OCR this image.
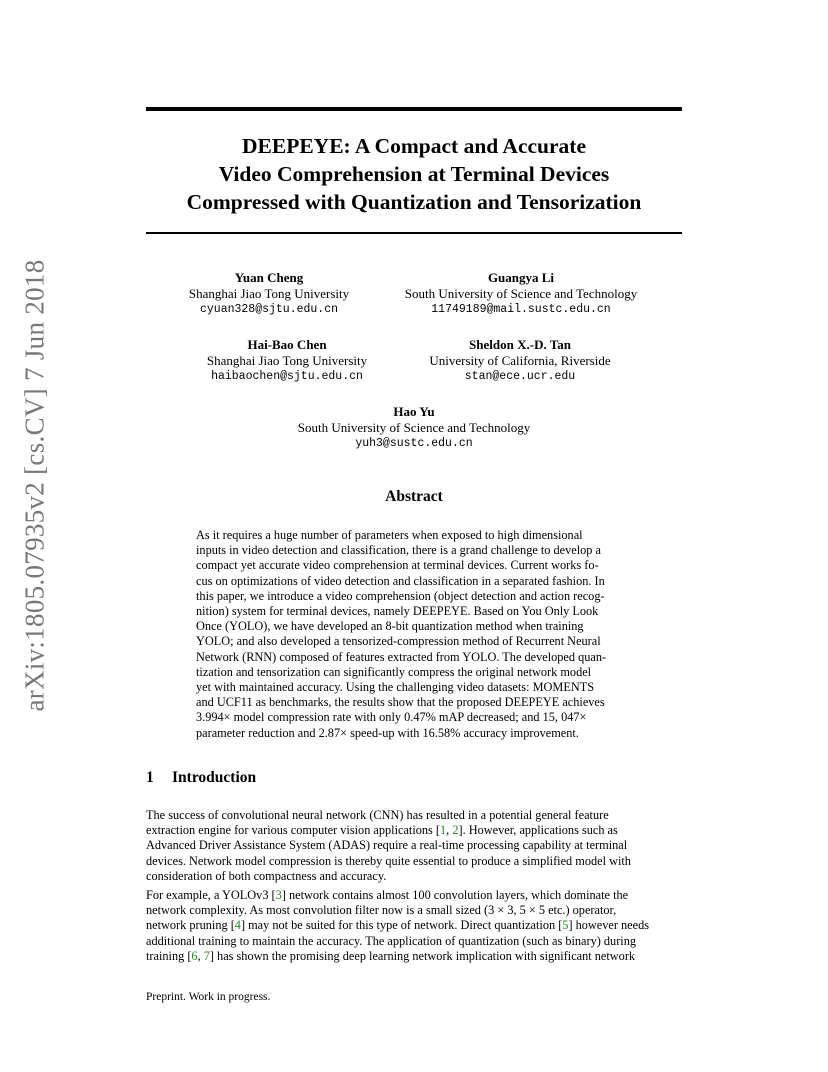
arXiv:1805.07935v2 [cs.CV] 7 Jun 2018
DEEPEYE: A Compact and Accurate
Video Comprehension at Terminal Devices
Compressed with Quantization and Tensorization
Yuan Cheng
Shanghai Jiao Tong University
cyuan328@sjtu.edu.cn
Guangya Li
South University of Science and Technology
11749189@mail.sustc.edu.cn
Hai-Bao Chen
Shanghai Jiao Tong University
haibaochen@sjtu.edu.cn
Sheldon X.-D. Tan
University of California, Riverside
stan@ece.ucr.edu
Hao Yu
South University of Science and Technology
yuh3@sustc.edu.cn
Abstract
As it requires a huge number of parameters when exposed to high dimensional
inputs in video detection and classification, there is a grand challenge to develop a
compact yet accurate video comprehension at terminal devices. Current works fo-
cus on optimizations of video detection and classification in a separated fashion. In
this paper, we introduce a video comprehension (object detection and action recog-
nition) system for terminal devices, namely DEEPEYE. Based on You Only Look
Once (YOLO), we have developed an 8-bit quantization method when training
YOLO; and also developed a tensorized-compression method of Recurrent Neural
Network (RNN) composed of features extracted from YOLO. The developed quan-
tization and tensorization can significantly compress the original network model
yet with maintained accuracy. Using the challenging video datasets: MOMENTS
and UCF11 as benchmarks, the results show that the proposed DEEPEYE achieves
3.994× model compression rate with only 0.47% mAP decreased; and 15, 047×
parameter reduction and 2.87× speed-up with 16.58% accuracy improvement.
1 Introduction
The success of convolutional neural network (CNN) has resulted in a potential general feature
extraction engine for various computer vision applications [1, 2]. However, applications such as
Advanced Driver Assistance System (ADAS) require a real-time processing capability at terminal
devices. Network model compression is thereby quite essential to produce a simplified model with
consideration of both compactness and accuracy.
For example, a YOLOv3 [3] network contains almost 100 convolution layers, which dominate the
network complexity. As most convolution filter now is a small sized (3 × 3, 5 × 5 etc.) operator,
network pruning [4] may not be suited for this type of network. Direct quantization [5] however needs
additional training to maintain the accuracy. The application of quantization (such as binary) during
training [6, 7] has shown the promising deep learning network implication with significant network
Preprint. Work in progress.
